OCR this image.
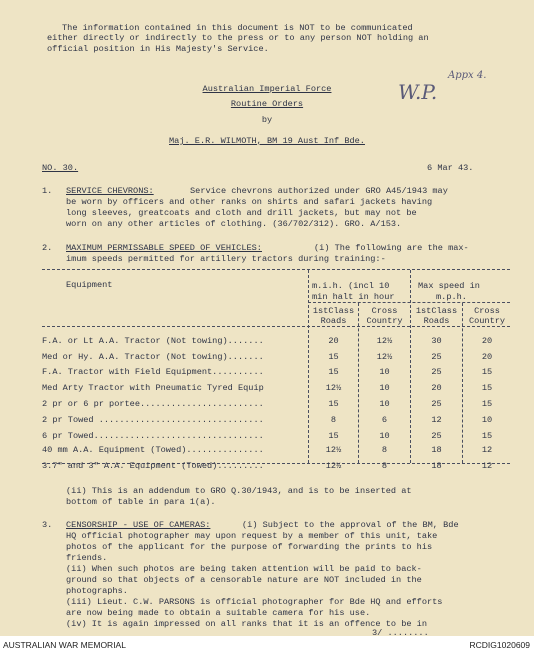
The information contained in this document is NOT to be communicated
either directly or indirectly to the press or to any person NOT holding an
official position in His Majesty's Service.
W.P.
Appx 4.
Australian Imperial Force
Routine Orders
by
Maj. E.R. WILMOTH, BM 19 Aust Inf Bde.
NO. 30.	6 Mar 43.
1. SERVICE CHEVRONS:	Service chevrons authorized under GRO A45/1943 may
be worn by officers and other ranks on shirts and safari jackets having
long sleeves, greatcoats and cloth and drill jackets, but may not be
worn on any other articles of clothing. (36/702/312). GRO. A/153.
2. MAXIMUM PERMISSABLE SPEED OF VEHICLES:	(i) The following are the max-
imum speeds permitted for artillery tractors during training:-
Equipment	m.i.h. (incl 10
min halt in hour
Max speed in
m.p.h.
1stClass
Roads
Cross
Country
1stClass
Roads
Cross
Country
F.A. or Lt A.A. Tractor (Not towing).......	20	12½	30	20
Med or Hy. A.A. Tractor (Not towing).......	15	12½	25	20
F.A. Tractor with Field Equipment..........	15	10	25	15
Med Arty Tractor with Pneumatic Tyred Equip	12½	10	20	15
2 pr or 6 pr portee........................	15	10	25	15
2 pr Towed ................................	8	6	12	10
6 pr Towed.................................	15	10	25	15
40 mm A.A. Equipment (Towed)...............	12½	8	18	12
3.7" and 3" A.A. Equipment (Towed).........	12½	8	18	12
(ii) This is an addendum to GRO Q.30/1943, and is to be inserted at
bottom of table in para 1(a).
3. CENSORSHIP - USE OF CAMERAS:	(i) Subject to the approval of the BM, Bde
HQ official photographer may upon request by a member of this unit, take
photos of the applicant for the purpose of forwarding the prints to his
friends.
(ii) When such photos are being taken attention will be paid to back-
ground so that objects of a censorable nature are NOT included in the
photographs.
(iii) Lieut. C.W. PARSONS is official photographer for Bde HQ and efforts
are now being made to obtain a suitable camera for his use.
(iv) It is again impressed on all ranks that it is an offence to be in
3/ ........
AUSTRALIAN WAR MEMORIAL	RCDIG1020609
